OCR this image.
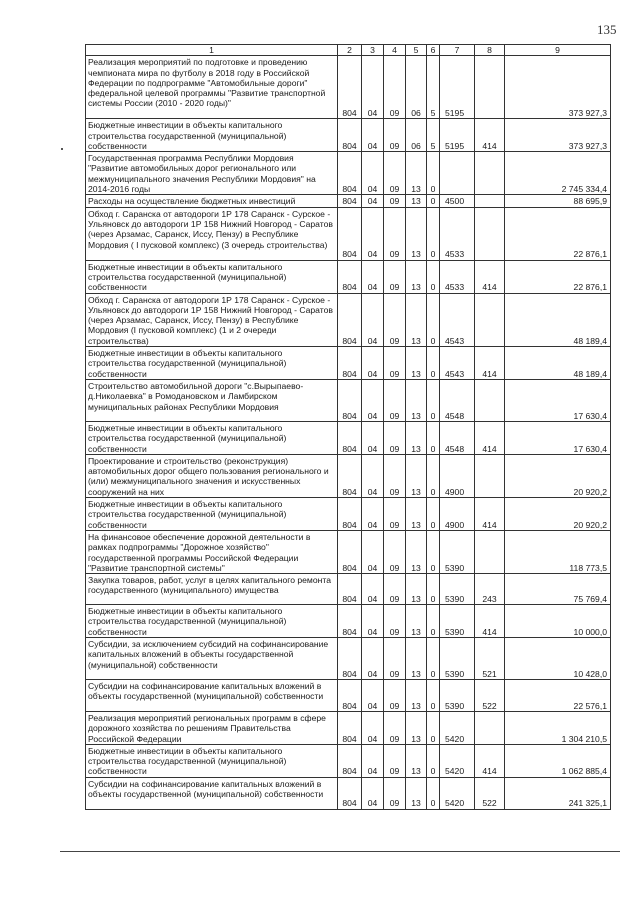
135
1	2	3	4	5	6	7	8	9
Реализация мероприятий по подготовке и проведению чемпионата мира по футболу в 2018 году в Российской Федерации по подпрограмме "Автомобильные дороги" федеральной целевой программы "Развитие транспортной системы России (2010 - 2020 годы)"	804	04	09	06	5	5195		373 927,3
Бюджетные инвестиции в объекты капитального строительства государственной (муниципальной) собственности	804	04	09	06	5	5195	414	373 927,3
Государственная программа Республики Мордовия "Развитие автомобильных дорог регионального или межмуниципального значения Республики Мордовия" на 2014-2016 годы	804	04	09	13	0			2 745 334,4
Расходы на осуществление бюджетных инвестиций	804	04	09	13	0	4500		88 695,9
Обход г. Саранска от автодороги 1Р 178 Саранск - Сурское - Ульяновск до автодороги 1Р 158 Нижний Новгород - Саратов (через Арзамас, Саранск, Иссу, Пензу) в Республике Мордовия ( I пусковой комплекс) (3 очередь строительства)	804	04	09	13	0	4533		22 876,1
Бюджетные инвестиции в объекты капитального строительства государственной (муниципальной) собственности	804	04	09	13	0	4533	414	22 876,1
Обход г. Саранска от автодороги 1Р 178 Саранск - Сурское - Ульяновск до автодороги 1Р 158 Нижний Новгород - Саратов (через Арзамас, Саранск, Иссу, Пензу) в Республике Мордовия (I пусковой комплекс) (1 и 2 очереди строительства)	804	04	09	13	0	4543		48 189,4
Бюджетные инвестиции в объекты капитального строительства государственной (муниципальной) собственности	804	04	09	13	0	4543	414	48 189,4
Строительство автомобильной дороги "с.Вырыпаево-д.Николаевка" в Ромодановском и Ламбирском муниципальных районах Республики Мордовия	804	04	09	13	0	4548		17 630,4
Бюджетные инвестиции в объекты капитального строительства государственной (муниципальной) собственности	804	04	09	13	0	4548	414	17 630,4
Проектирование и строительство (реконструкция) автомобильных дорог общего пользования регионального и (или) межмуниципального значения и искусственных сооружений на них	804	04	09	13	0	4900		20 920,2
Бюджетные инвестиции в объекты капитального строительства государственной (муниципальной) собственности	804	04	09	13	0	4900	414	20 920,2
На финансовое обеспечение дорожной деятельности в рамках подпрограммы "Дорожное хозяйство" государственной программы Российской Федерации "Развитие транспортной системы"	804	04	09	13	0	5390		118 773,5
Закупка товаров, работ, услуг в целях капитального ремонта государственного (муниципального) имущества	804	04	09	13	0	5390	243	75 769,4
Бюджетные инвестиции в объекты капитального строительства государственной (муниципальной) собственности	804	04	09	13	0	5390	414	10 000,0
Субсидии, за исключением субсидий на софинансирование капитальных вложений в объекты государственной (муниципальной) собственности	804	04	09	13	0	5390	521	10 428,0
Субсидии на софинансирование капитальных вложений в объекты государственной (муниципальной) собственности	804	04	09	13	0	5390	522	22 576,1
Реализация мероприятий региональных программ в сфере дорожного хозяйства по решениям Правительства Российской Федерации	804	04	09	13	0	5420		1 304 210,5
Бюджетные инвестиции в объекты капитального строительства государственной (муниципальной) собственности	804	04	09	13	0	5420	414	1 062 885,4
Субсидии на софинансирование капитальных вложений в объекты государственной (муниципальной) собственности	804	04	09	13	0	5420	522	241 325,1
